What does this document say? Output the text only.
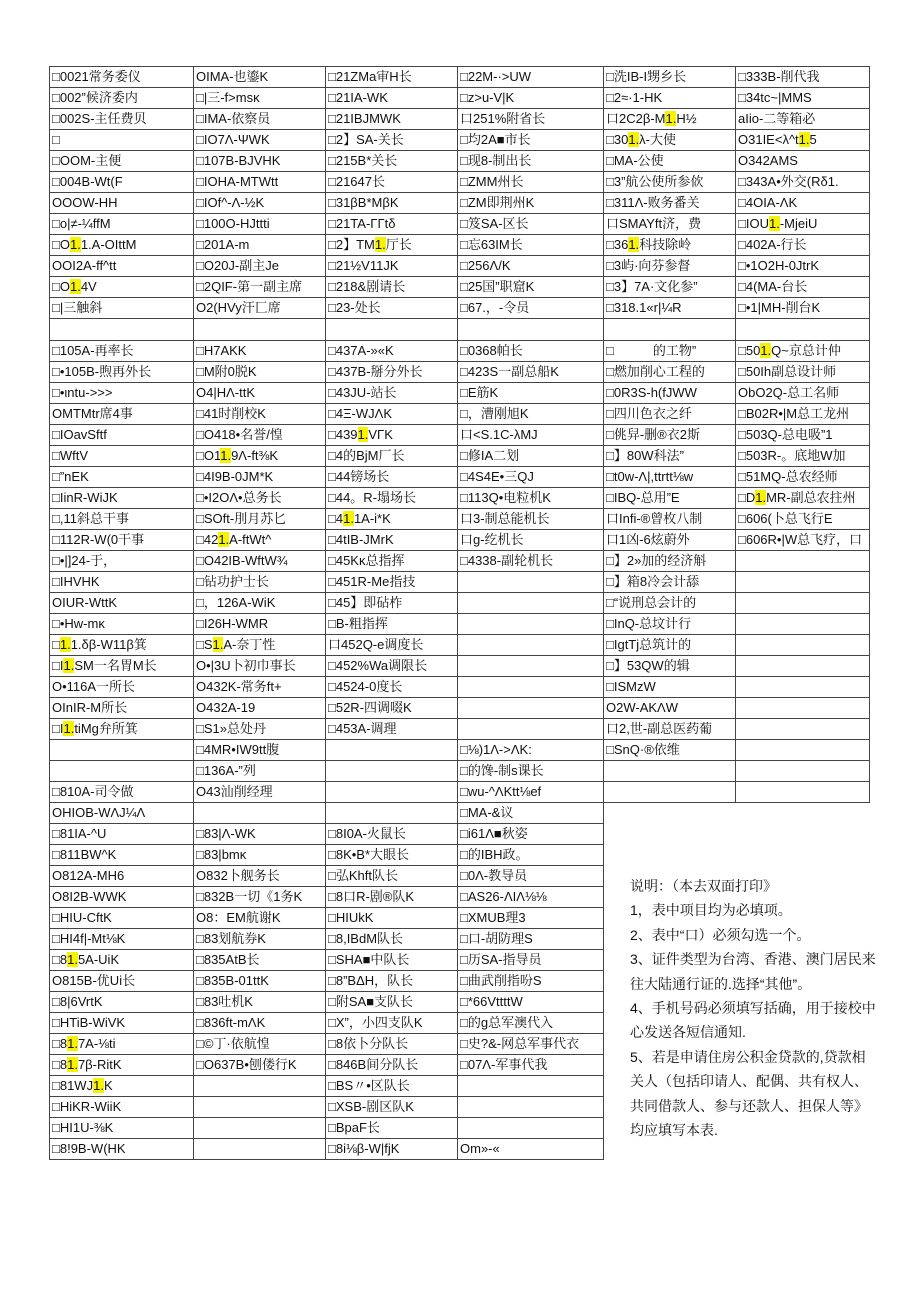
□0021常务委仪	OIMA-也鎏K	□21ZMa审H长	□22M-·>UW	□洗IB-I甥乡长	□333B-削代我
□002”候济委内	□|三-f>msκ	□21IA-WK	□z>u-V|K	□2≈·1-HK	□34tc~|MMS
□002S-主任费贝	□IMA-依察员	□21IBJMWK	口251%附省长	口2C2β-M1.H½	aIio-二等箱必
□	□IO7Λ-ΨWK	□2】SA-关长	□均2A■市长	□301.λ-大使	O31IE<λ^t1.5
□OOM-主便	□107B-BJVHK	□215B*关长	□现8-制出长	□MA-公使	O342AMS
□004B-Wt(F	□IOHA-MTWtt	□21647长	□ZMM州长	□3”航公使所参佽	□343A•外交(Rδ1.
OOOW-HH	□IOf^-Λ-½K	□31βB*MβK	□ZM即荆州K	□311Λ-败务番关	□4OIA-ΛK
□o|≠-¼ffM	□100O-HJttti	□21TA-ΓΓtδ	□笈SA-区长	口SMAYft济，费	□IOU1.-MjeiU
□O1.1.A-OIttM	□201A-m	□2】TM1.厅长	□忘63IM长	□361.科技除岭	□402A-行长
OOI2A-ff^tt	□O20J-副主Je	□21½V11JK	□256Λ/K	□3屿·向芬参督	□•1O2H-0JtrK
□O1.4V	□2QIF-第一副主席	□218&剧请长	□25国”职窟K	□3】7A·文化参”	□4(MA-台长
□|三触斜	O2(HVy汗匸席	□23-处长	□67.，-令员	□318.1«r|¼R	□•1|MH-削台K

□105A-再率长	□H7AKK	□437A-»«K	□0368帕长	□　　　的工物”	□501.Q~京总计仲
□•105B-煦再外长	□M附0脱K	□437B-掰分外长	□423S一副总船K	□燃加削心工程的	□50Ih副总设计师
□•ιntu->>>	O4|HΛ-ttK	□43JU-站长	□E筋K	□0R3S-h(fJWW	ObO2Q-总工名师
OMTMtr席4事	□41时削校K	□4Ξ-WJΛK	□，漕刚旭K	□四川色衣之纤	□B02R•|M总工龙州
□IOavSftf	□O418•名誉/惶	□4391.VΓK	口<S.1C-λMJ	□佻舁-删®衣2斯	□503Q-总电吸”1
□WftV	□O11.9Λ-ft⅜K	□4的BjM厂长	□修IA二划	□】80W科法”	□503R-。底地W加
□”nEK	□4I9B-0JM*K	□44镑场长	□4S4E•三QJ	□t0w-Λ|,ttrtt⅛w	□51MQ-总农经师
□IinR-WiJK	□•I2OΛ•总务长	□44。R-塌场长	□113Q•电粒机K	□IBQ-总用”E	□D1.MR-副总农拄州
□,11斜总干事	□SOft-刖月苏匕	□41.1A-i*K	口3-制总能机长	口Infi-®曾枚八制	□606(卜总飞行E
□112R-W(0干事	□421.A-ftWt^	□4tIB-JMrK	口g-纥机长	口1凶-6炫蔚外	□606R•|W总飞疗，口
□•|]24-于，	□O42IB-WftW¾	□45Kκ总指挥	□4338-副轮机长	□】2»加的经济斛	
□IHVHK	□钻功护士长	□451R-Me指技		□】箱8冷会计舔	
OIUR-WttK	□，126A-WiK	□45】即砧柞		□“说刑总会计的	
□•Hw-mκ	□I26H-WMR	□B-粗指挥		□InQ-总坟计行	
□1.1.δβ-W11β箕	□S1.A-奈丁性	口452Q-e调度长		□IgtTj总筑计的	
□I1.SM一名胃M长	O•|3U卜初巾事长	□452%Wa调限长		□】53QW的辑	
O•116A一所长	O432K-常务ft+	□4524-0度长		□ISMzW	
OInIR-M所长	O432A-19	□52R-四调啜K		O2W-AKΛW	
□I1.tiMg弁所箕	□S1»总处丹	□453A-调理		口2,世-副总医药葡	
	□4MR•IW9tt腹		□⅛)1Λ->ΛK:	□SnQ·®依维	
	□136A-”列		□的馋-制s课长		
□810A-司令做	O43汕削经理		□wu-^ΛKtt⅛ef		
OHIOB-WΛJ¼Λ			□MA-&议		
□81IA-^U	□83|Λ-WK	□8I0A-火鼠长	□i61Λ■秋姿		
□811BW^K	□83|bmκ	□8K•B*大眼长	□的IBH政。		
O812A-MH6	O832卜舰务长	□弘Khft队长	□0Λ-教导员		
O8I2B-WWK	□832B一切《1务K	□8口R-剧®队K	□AS26-ΛIΛ⅛⅛		
□HIU-CftK	O8：EM航谢K	□HIUkK	□XMUB理3		
□HI4f|-Mt⅛K	□83划航券K	□8,IBdM队长	□口-胡防理S		
□81.5A-UiK	□835AtB长	□SHA■中队长	□历SA-指导员		
O815B-优Ui长	□835B-01ttK	□8”BΔH，队长	□曲武削指吩S		
□8|6VrtK	□83吐机K	□附SA■支队长	□*66VttttW		
□HTiB-WiVK	□836ft-mΛK	□X”，小四支队K	□的g总军澳代入		
□81.7A-⅛ti	□©丁·依航惶	□8依卜分队长	□史?&-网总军事代衣		
□81.7β-RitK	□O637B•刨偻行K	□846B间分队长	□07Λ-军事代我		
□81WJ1.K		□BS〃•区队长			
□HiKR-WiiK		□XSB-剧区队K			
□HI1U-⅜K		□BpaF长			
□8!9B-W(HK		□8i⅛β-W|fjK	Om»-«		

说明：（本去双面打印》

1，表中项目均为必填项。

2、表中“口）必须勾选一个。

3、证件类型为台湾、香港、澳门居民来往大陆通行证的.选择“其他”。

4、手机号码必须填写括确，用于接校中心发送各短信通知.

5、若是申请住房公积金贷款的,贷款相关人（包括印请人、配偶、共有权人、共同借款人、参与还款人、担保人等》均应填写本表.
